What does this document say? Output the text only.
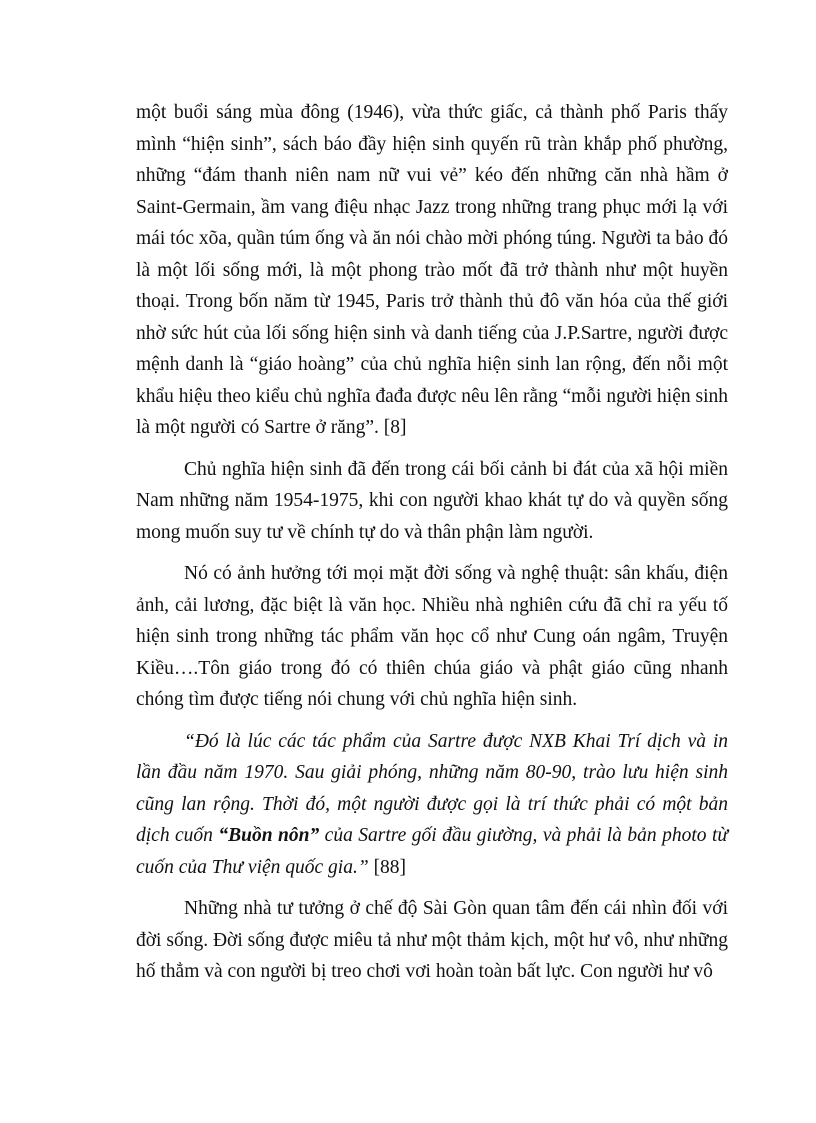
một buổi sáng mùa đông (1946), vừa thức giấc, cả thành phố Paris thấy mình “hiện sinh”, sách báo đầy hiện sinh quyến rũ tràn khắp phố phường, những “đám thanh niên nam nữ vui vẻ” kéo đến những căn nhà hầm ở Saint-Germain, ầm vang điệu nhạc Jazz trong những trang phục mới lạ với mái tóc xõa, quần túm ống và ăn nói chào mời phóng túng. Người ta bảo đó là một lối sống mới, là một phong trào mốt đã trở thành như một huyền thoại. Trong bốn năm từ 1945, Paris trở thành thủ đô văn hóa của thế giới nhờ sức hút của lối sống hiện sinh và danh tiếng của J.P.Sartre, người được mệnh danh là “giáo hoàng” của chủ nghĩa hiện sinh lan rộng, đến nỗi một khẩu hiệu theo kiểu chủ nghĩa đađa được nêu lên rằng “mỗi người hiện sinh là một người có Sartre ở răng”. [8]

Chủ nghĩa hiện sinh đã đến trong cái bối cảnh bi đát của xã hội miền Nam những năm 1954-1975, khi con người khao khát tự do và quyền sống mong muốn suy tư về chính tự do và thân phận làm người.

Nó có ảnh hưởng tới mọi mặt đời sống và nghệ thuật: sân khấu, điện ảnh, cải lương, đặc biệt là văn học. Nhiều nhà nghiên cứu đã chỉ ra yếu tố hiện sinh trong những tác phẩm văn học cổ như Cung oán ngâm, Truyện Kiều….Tôn giáo trong đó có thiên chúa giáo và phật giáo cũng nhanh chóng tìm được tiếng nói chung với chủ nghĩa hiện sinh.

“Đó là lúc các tác phẩm của Sartre được NXB Khai Trí dịch và in lần đầu năm 1970. Sau giải phóng, những năm 80-90, trào lưu hiện sinh cũng lan rộng. Thời đó, một người được gọi là trí thức phải có một bản dịch cuốn “Buồn nôn” của Sartre gối đầu giường, và phải là bản photo từ cuốn của Thư viện quốc gia.” [88]

Những nhà tư tưởng ở chế độ Sài Gòn quan tâm đến cái nhìn đối với đời sống. Đời sống được miêu tả như một thảm kịch, một hư vô, như những hố thẳm và con người bị treo chơi vơi hoàn toàn bất lực. Con người hư vô
